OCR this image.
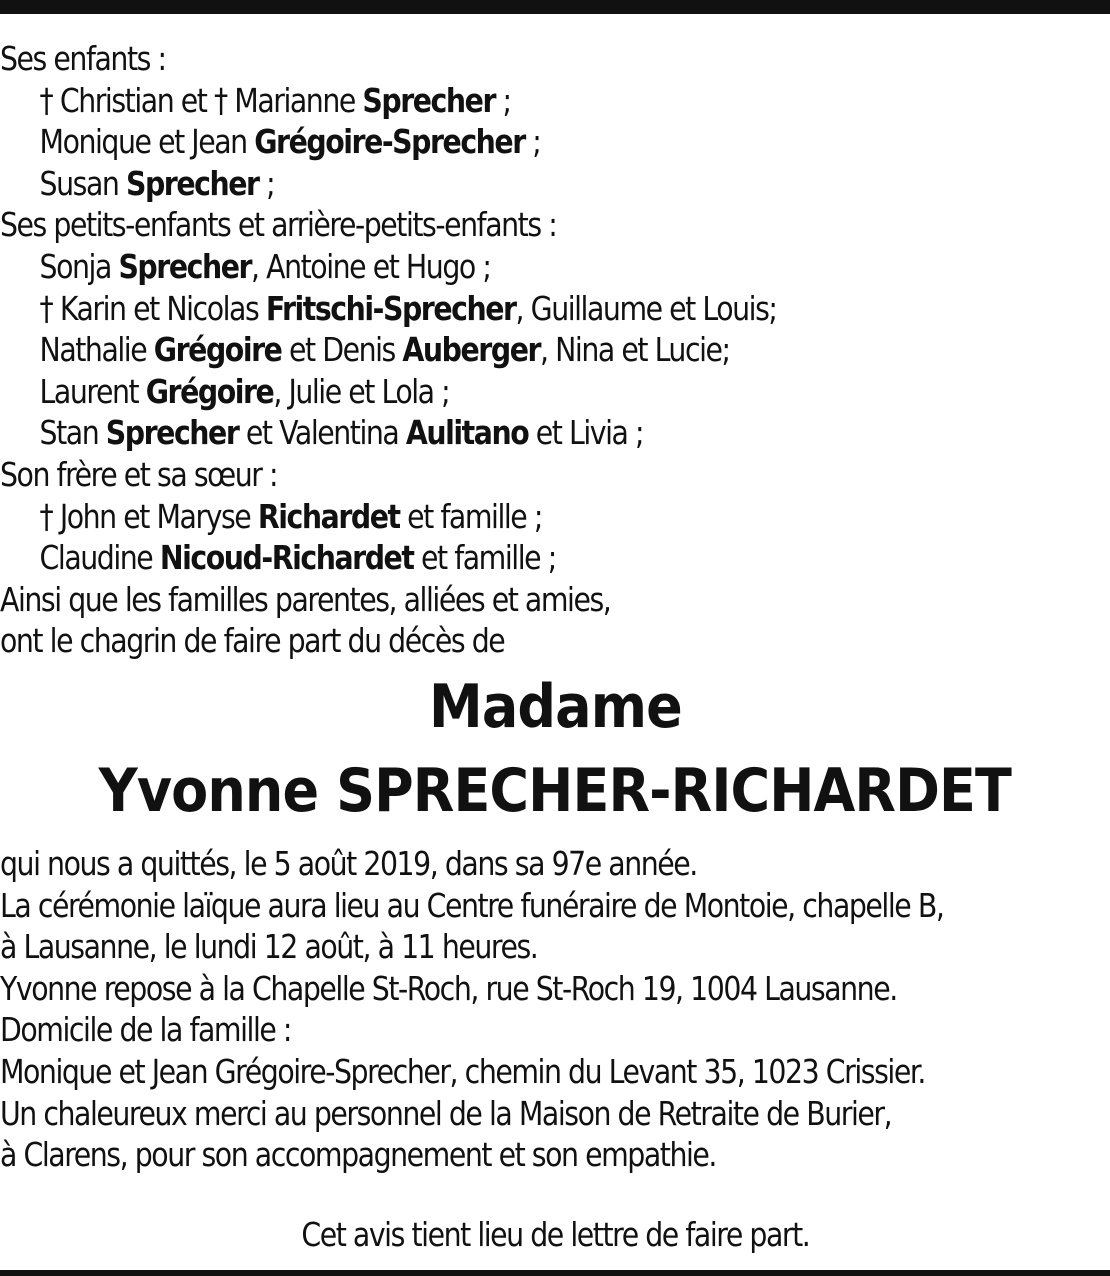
Ses enfants :
† Christian et † Marianne Sprecher ;
Monique et Jean Grégoire-Sprecher ;
Susan Sprecher ;
Ses petits-enfants et arrière-petits-enfants :
Sonja Sprecher, Antoine et Hugo ;
† Karin et Nicolas Fritschi-Sprecher, Guillaume et Louis;
Nathalie Grégoire et Denis Auberger, Nina et Lucie;
Laurent Grégoire, Julie et Lola ;
Stan Sprecher et Valentina Aulitano et Livia ;
Son frère et sa sœur :
† John et Maryse Richardet et famille ;
Claudine Nicoud-Richardet et famille ;
Ainsi que les familles parentes, alliées et amies,
ont le chagrin de faire part du décès de
Madame
Yvonne SPRECHER-RICHARDET
qui nous a quittés, le 5 août 2019, dans sa 97e année.
La cérémonie laïque aura lieu au Centre funéraire de Montoie, chapelle B,
à Lausanne, le lundi 12 août, à 11 heures.
Yvonne repose à la Chapelle St-Roch, rue St-Roch 19, 1004 Lausanne.
Domicile de la famille :
Monique et Jean Grégoire-Sprecher, chemin du Levant 35, 1023 Crissier.
Un chaleureux merci au personnel de la Maison de Retraite de Burier,
à Clarens, pour son accompagnement et son empathie.
Cet avis tient lieu de lettre de faire part.
